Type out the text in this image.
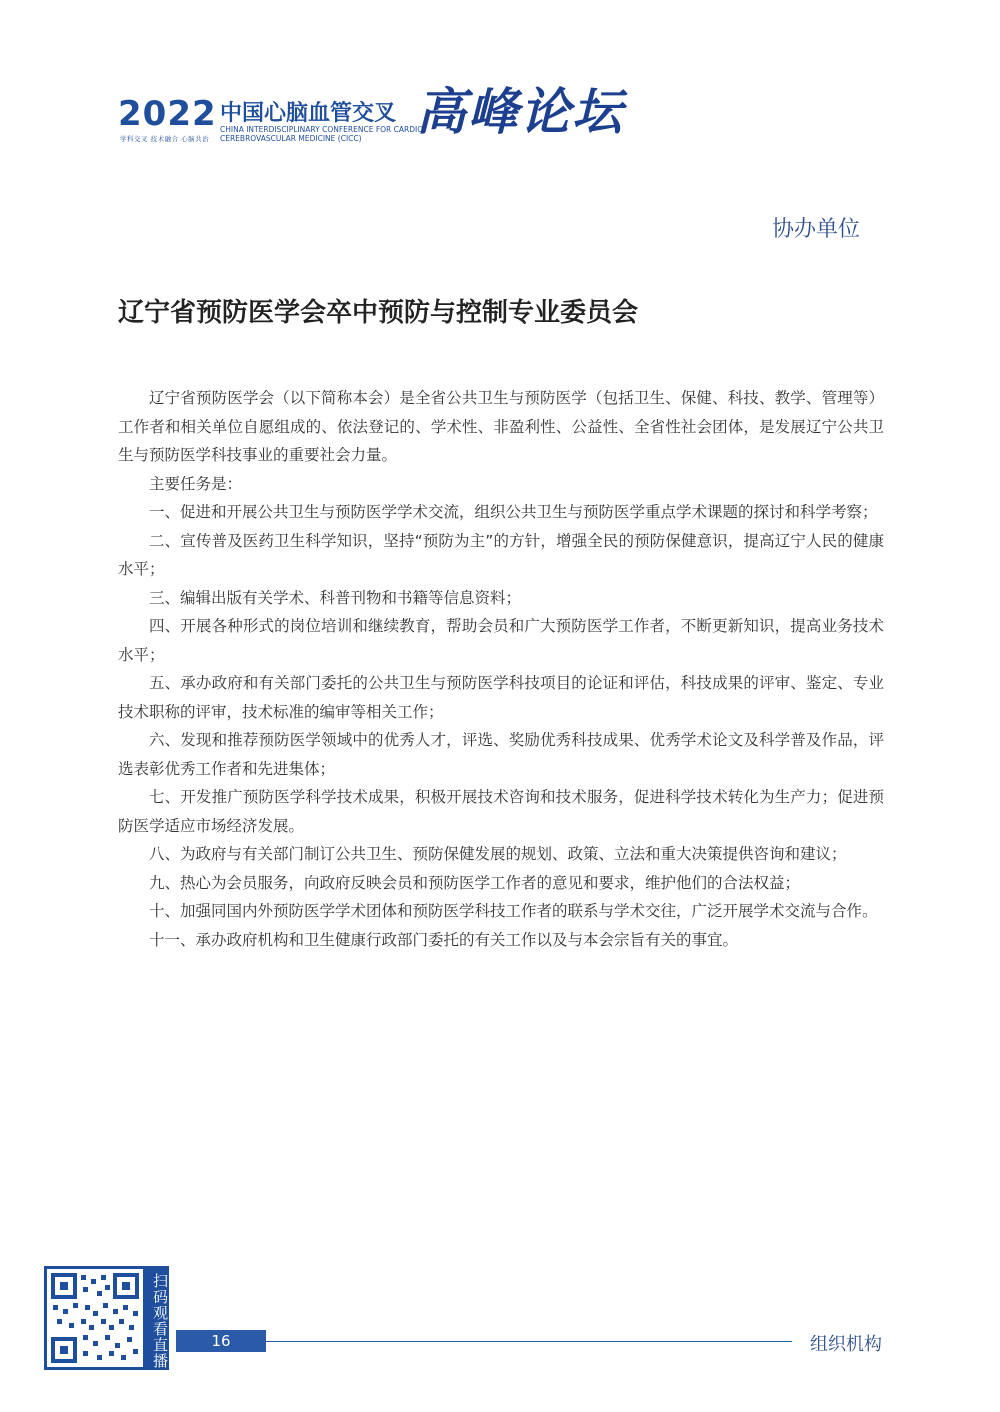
2022
学科交叉 技术融合 心脑共治
中国心脑血管交叉
CHINA INTERDISCIPLINARY CONFERENCE FOR CARDIO-CEREBROVASCULAR MEDICINE (CICC)	高峰论坛
协办单位
辽宁省预防医学会卒中预防与控制专业委员会

辽宁省预防医学会（以下简称本会）是全省公共卫生与预防医学（包括卫生、保健、科技、教学、管理等）工作者和相关单位自愿组成的、依法登记的、学术性、非盈利性、公益性、全省性社会团体，是发展辽宁公共卫生与预防医学科技事业的重要社会力量。

主要任务是：

一、促进和开展公共卫生与预防医学学术交流，组织公共卫生与预防医学重点学术课题的探讨和科学考察；

二、宣传普及医药卫生科学知识，坚持“预防为主”的方针，增强全民的预防保健意识，提高辽宁人民的健康水平；

三、编辑出版有关学术、科普刊物和书籍等信息资料；

四、开展各种形式的岗位培训和继续教育，帮助会员和广大预防医学工作者，不断更新知识，提高业务技术水平；

五、承办政府和有关部门委托的公共卫生与预防医学科技项目的论证和评估，科技成果的评审、鉴定、专业技术职称的评审，技术标准的编审等相关工作；

六、发现和推荐预防医学领域中的优秀人才，评选、奖励优秀科技成果、优秀学术论文及科学普及作品，评选表彰优秀工作者和先进集体；

七、开发推广预防医学科学技术成果，积极开展技术咨询和技术服务，促进科学技术转化为生产力；促进预防医学适应市场经济发展。

八、为政府与有关部门制订公共卫生、预防保健发展的规划、政策、立法和重大决策提供咨询和建议；

九、热心为会员服务，向政府反映会员和预防医学工作者的意见和要求，维护他们的合法权益；

十、加强同国内外预防医学学术团体和预防医学科技工作者的联系与学术交往，广泛开展学术交流与合作。

十一、承办政府机构和卫生健康行政部门委托的有关工作以及与本会宗旨有关的事宜。

扫码观看直播	16	组织机构
